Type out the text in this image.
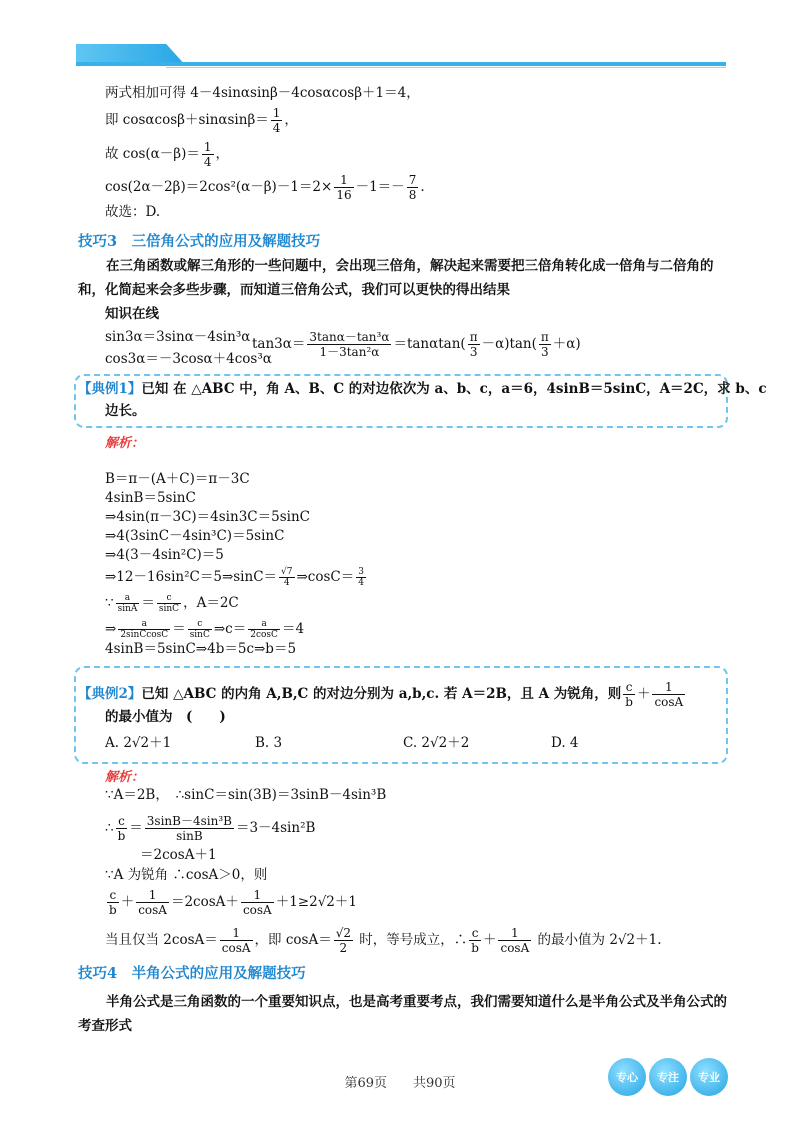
两式相加可得 4－4sinαsinβ－4cosαcosβ＋1＝4，
即 $\cos\alpha\cos\beta+\sin\alpha\sin\beta= \frac{1}{4}$ ，
故 $\cos(\alpha-\beta)= \frac{1}{4}$ ，
$\cos(2\alpha-2\beta)=2\cos^2(\alpha-\beta)-1=2\times \frac{1}{16} -1=- \frac{7}{8}$ .
故选：D.
技巧3　三倍角公式的应用及解题技巧
在三角函数或解三角形的一些问题中，会出现三倍角，解决起来需要把三倍角转化成一倍角与二倍角的和，化简起来会多些步骤，而知道三倍角公式，我们可以更快的得出结果
知识在线
sin3α＝3sinα－4sin³α
cos3α＝－3cosα＋4cos³α
$\tan 3\alpha= \frac{\text{3tanα－tan³α}}{\text{1－3tan²α}} =\tan\alpha\tan( \frac{\pi}{3} -\alpha)\tan( \frac{\pi}{3} +\alpha)$
【典例1】已知 在 △ABC 中，角 A、B、C 的对边依次为 a、b、c，a＝6，4sinB＝5sinC，A＝2C，求 b、c
边长。
解析：
B＝π－(A＋C)＝π－3C
4sinB＝5sinC
⇒4sin(π－3C)＝4sin3C＝5sinC
⇒4(3sinC－4sin³C)＝5sinC
⇒4(3－4sin²C)＝5
⇒12－16sin²C＝5⇒sinC＝ $\frac{√7}{4}$ ⇒cosC＝ $\frac{3}{4}$
∵ $\frac{a}{\sin A} = \frac{c}{\sin C}$ ，A＝2C
⇒ $\frac{a}{\text{2sinCcosC}} = \frac{c}{\sin C}$ ⇒c＝ $\frac{a}{2\cos C} =4$
4sinB＝5sinC⇒4b＝5c⇒b＝5
【典例2】已知 △ABC 的内角 A,B,C 的对边分别为 a,b,c. 若 A＝2B，且 A 为锐角，则 $\frac{c}{b} + \frac{1}{\cos A}$
的最小值为　(　　)
A. 2√2＋1	B. 3	C. 2√2＋2	D. 4
解析：
∵A＝2B，　∴sinC＝sin(3B)＝3sinB－4sin³B
∴ $\frac{c}{b} = \frac{\text{3sinB－4sin³B}}{\sin B} =3-4\sin^2B$
＝2cosA＋1
∵A 为锐角 ∴cosA＞0，则
$\frac{c}{b} + \frac{1}{\cos A} =2\cos A+ \frac{1}{\cos A} +1\ge 2√2+1$
当且仅当 $2\cos A= \frac{1}{\cos A}$ ，即 $\cos A= \frac{√2}{2}$ 时，等号成立，∴ $\frac{c}{b} + \frac{1}{\cos A}$ 的最小值为 2√2＋1.
技巧4　半角公式的应用及解题技巧
半角公式是三角函数的一个重要知识点，也是高考重要考点，我们需要知道什么是半角公式及半角公式的考查形式
第69页　　共90页	专心	专注	专业
